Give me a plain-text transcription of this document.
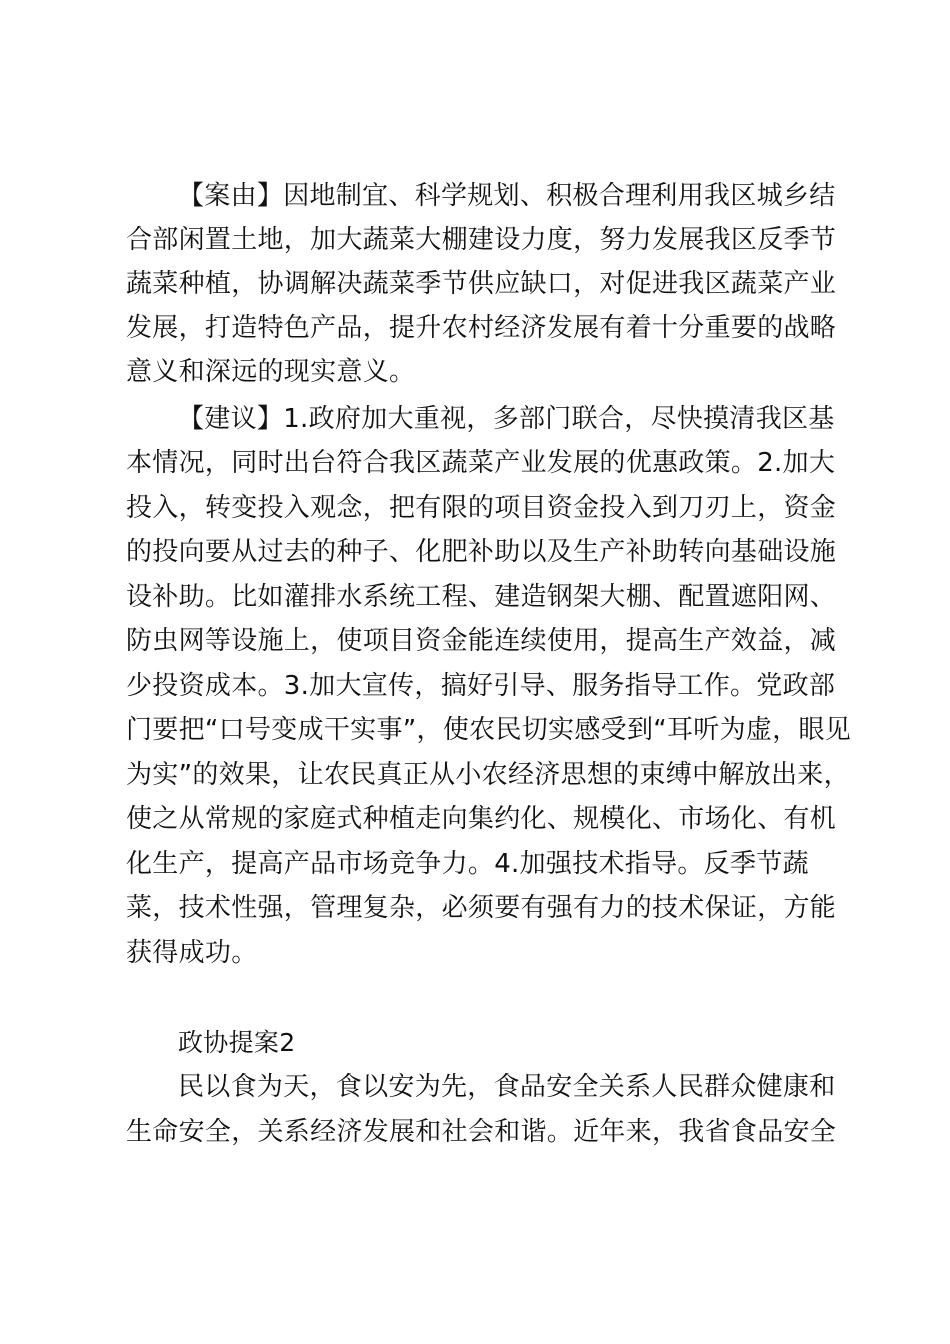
【案由】因地制宜、科学规划、积极合理利用我区城乡结
合部闲置土地，加大蔬菜大棚建设力度，努力发展我区反季节
蔬菜种植，协调解决蔬菜季节供应缺口，对促进我区蔬菜产业
发展，打造特色产品，提升农村经济发展有着十分重要的战略
意义和深远的现实意义。
【建议】1.政府加大重视，多部门联合，尽快摸清我区基
本情况，同时出台符合我区蔬菜产业发展的优惠政策。2.加大
投入，转变投入观念，把有限的项目资金投入到刀刃上，资金
的投向要从过去的种子、化肥补助以及生产补助转向基础设施
设补助。比如灌排水系统工程、建造钢架大棚、配置遮阳网、
防虫网等设施上，使项目资金能连续使用，提高生产效益，减
少投资成本。3.加大宣传，搞好引导、服务指导工作。党政部
门要把“口号变成干实事”，使农民切实感受到“耳听为虚，眼见
为实”的效果，让农民真正从小农经济思想的束缚中解放出来，
使之从常规的家庭式种植走向集约化、规模化、市场化、有机
化生产，提高产品市场竞争力。4.加强技术指导。反季节蔬
菜，技术性强，管理复杂，必须要有强有力的技术保证，方能
获得成功。
政协提案2
民以食为天，食以安为先，食品安全关系人民群众健康和
生命安全，关系经济发展和社会和谐。近年来，我省食品安全
